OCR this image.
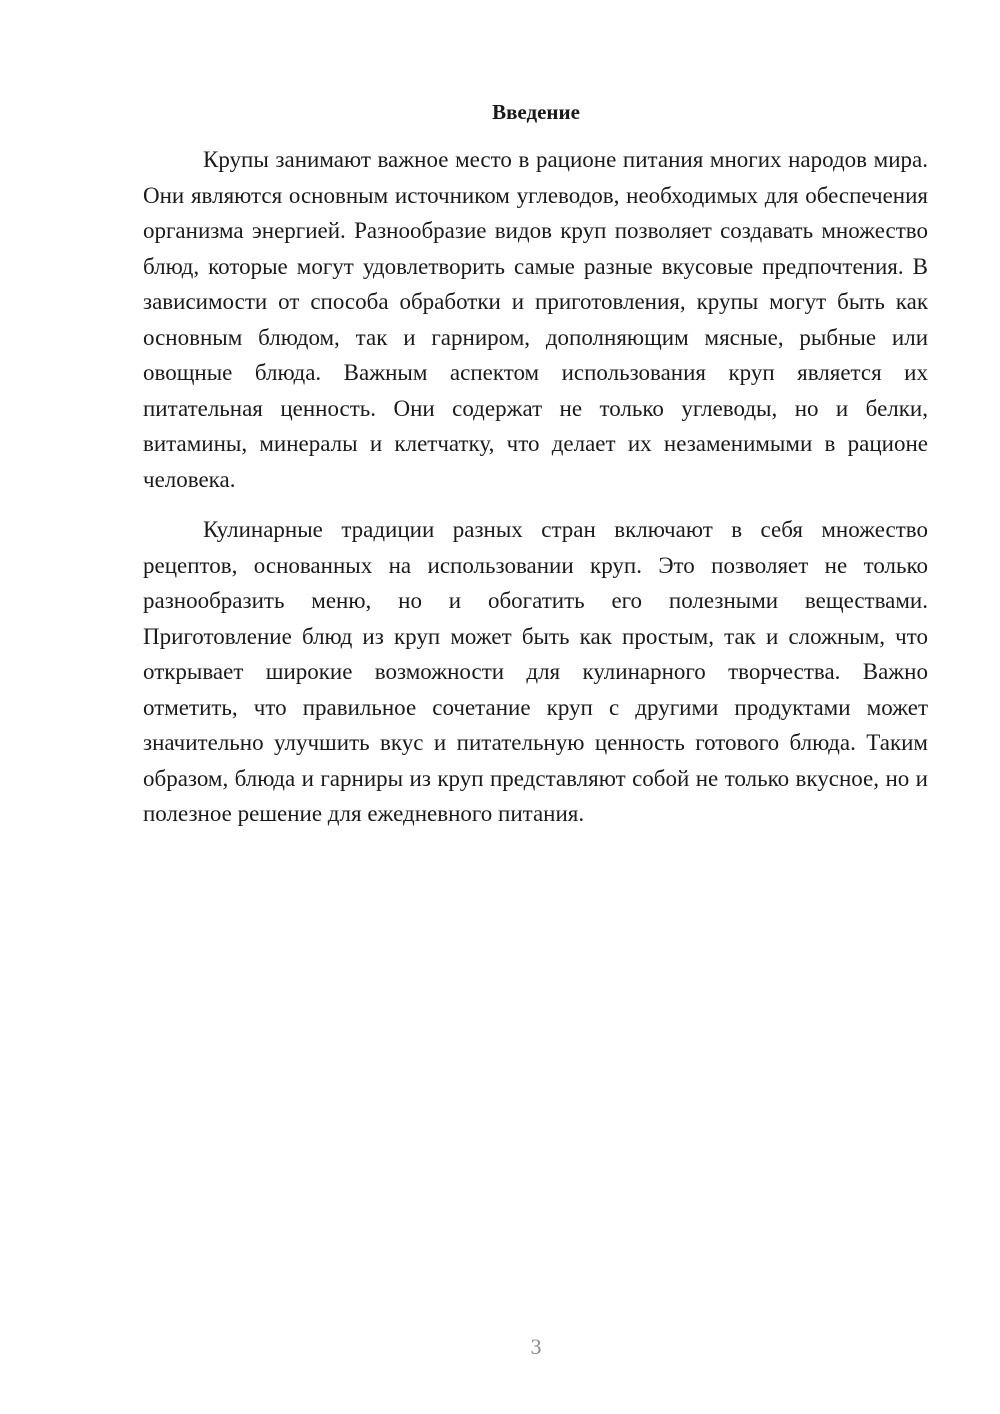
Введение

Крупы занимают важное место в рационе питания многих народов мира. Они являются основным источником углеводов, необходимых для обеспечения организма энергией. Разнообразие видов круп позволяет создавать множество блюд, которые могут удовлетворить самые разные вкусовые предпочтения. В зависимости от способа обработки и приготовления, крупы могут быть как основным блюдом, так и гарниром, дополняющим мясные, рыбные или овощные блюда. Важным аспектом использования круп является их питательная ценность. Они содержат не только углеводы, но и белки, витамины, минералы и клетчатку, что делает их незаменимыми в рационе человека.

Кулинарные традиции разных стран включают в себя множество рецептов, основанных на использовании круп. Это позволяет не только разнообразить меню, но и обогатить его полезными веществами. Приготовление блюд из круп может быть как простым, так и сложным, что открывает широкие возможности для кулинарного творчества. Важно отметить, что правильное сочетание круп с другими продуктами может значительно улучшить вкус и питательную ценность готового блюда. Таким образом, блюда и гарниры из круп представляют собой не только вкусное, но и полезное решение для ежедневного питания.

3
